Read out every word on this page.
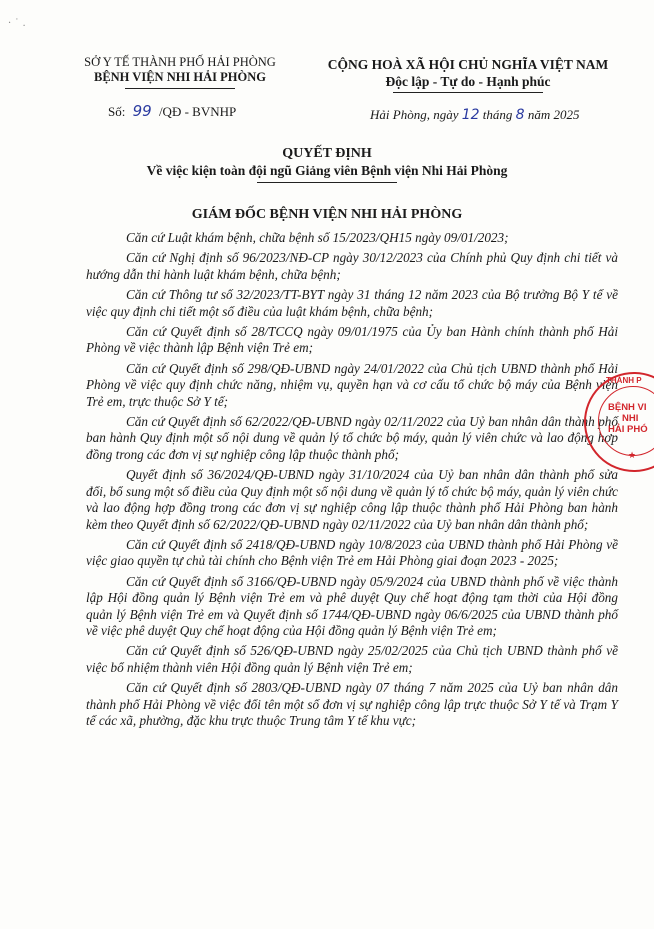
· ˙ .
SỞ Y TẾ THÀNH PHỐ HẢI PHÒNG
BỆNH VIỆN NHI HẢI PHÒNG
CỘNG HOÀ XÃ HỘI CHỦ NGHĨA VIỆT NAM
Độc lập - Tự do - Hạnh phúc
Số: 99 /QĐ - BVNHP	Hải Phòng, ngày 12 tháng 8 năm 2025
QUYẾT ĐỊNH
Về việc kiện toàn đội ngũ Giảng viên Bệnh viện Nhi Hải Phòng
GIÁM ĐỐC BỆNH VIỆN NHI HẢI PHÒNG

Căn cứ Luật khám bệnh, chữa bệnh số 15/2023/QH15 ngày 09/01/2023;

Căn cứ Nghị định số 96/2023/NĐ-CP ngày 30/12/2023 của Chính phủ Quy định chi tiết và hướng dẫn thi hành luật khám bệnh, chữa bệnh;

Căn cứ Thông tư số 32/2023/TT-BYT ngày 31 tháng 12 năm 2023 của Bộ trưởng Bộ Y tế về việc quy định chi tiết một số điều của luật khám bệnh, chữa bệnh;

Căn cứ Quyết định số 28/TCCQ ngày 09/01/1975 của Ủy ban Hành chính thành phố Hải Phòng về việc thành lập Bệnh viện Trẻ em;

Căn cứ Quyết định số 298/QĐ-UBND ngày 24/01/2022 của Chủ tịch UBND thành phố Hải Phòng về việc quy định chức năng, nhiệm vụ, quyền hạn và cơ cấu tổ chức bộ máy của Bệnh viện Trẻ em, trực thuộc Sở Y tế;

Căn cứ Quyết định số 62/2022/QĐ-UBND ngày 02/11/2022 của Uỷ ban nhân dân thành phố ban hành Quy định một số nội dung về quản lý tổ chức bộ máy, quản lý viên chức và lao động hợp đồng trong các đơn vị sự nghiệp công lập thuộc thành phố;

Quyết định số 36/2024/QĐ-UBND ngày 31/10/2024 của Uỷ ban nhân dân thành phố sửa đổi, bổ sung một số điều của Quy định một số nội dung về quản lý tổ chức bộ máy, quản lý viên chức và lao động hợp đồng trong các đơn vị sự nghiệp công lập thuộc thành phố Hải Phòng ban hành kèm theo Quyết định số 62/2022/QĐ-UBND ngày 02/11/2022 của Uỷ ban nhân dân thành phố;

Căn cứ Quyết định số 2418/QĐ-UBND ngày 10/8/2023 của UBND thành phố Hải Phòng về việc giao quyền tự chủ tài chính cho Bệnh viện Trẻ em Hải Phòng giai đoạn 2023 - 2025;

Căn cứ Quyết định số 3166/QĐ-UBND ngày 05/9/2024 của UBND thành phố về việc thành lập Hội đồng quản lý Bệnh viện Trẻ em và phê duyệt Quy chế hoạt động tạm thời của Hội đồng quản lý Bệnh viện Trẻ em và Quyết định số 1744/QĐ-UBND ngày 06/6/2025 của UBND thành phố về việc phê duyệt Quy chế hoạt động của Hội đồng quản lý Bệnh viện Trẻ em;

Căn cứ Quyết định số 526/QĐ-UBND ngày 25/02/2025 của Chủ tịch UBND thành phố về việc bổ nhiệm thành viên Hội đồng quản lý Bệnh viện Trẻ em;

Căn cứ Quyết định số 2803/QĐ-UBND ngày 07 tháng 7 năm 2025 của Uỷ ban nhân dân thành phố Hải Phòng về việc đổi tên một số đơn vị sự nghiệp công lập trực thuộc Sở Y tế và Trạm Y tế các xã, phường, đặc khu trực thuộc Trung tâm Y tế khu vực;

THÀNH P
BỆNH VI
NHI
HẢI PHÓ
★
